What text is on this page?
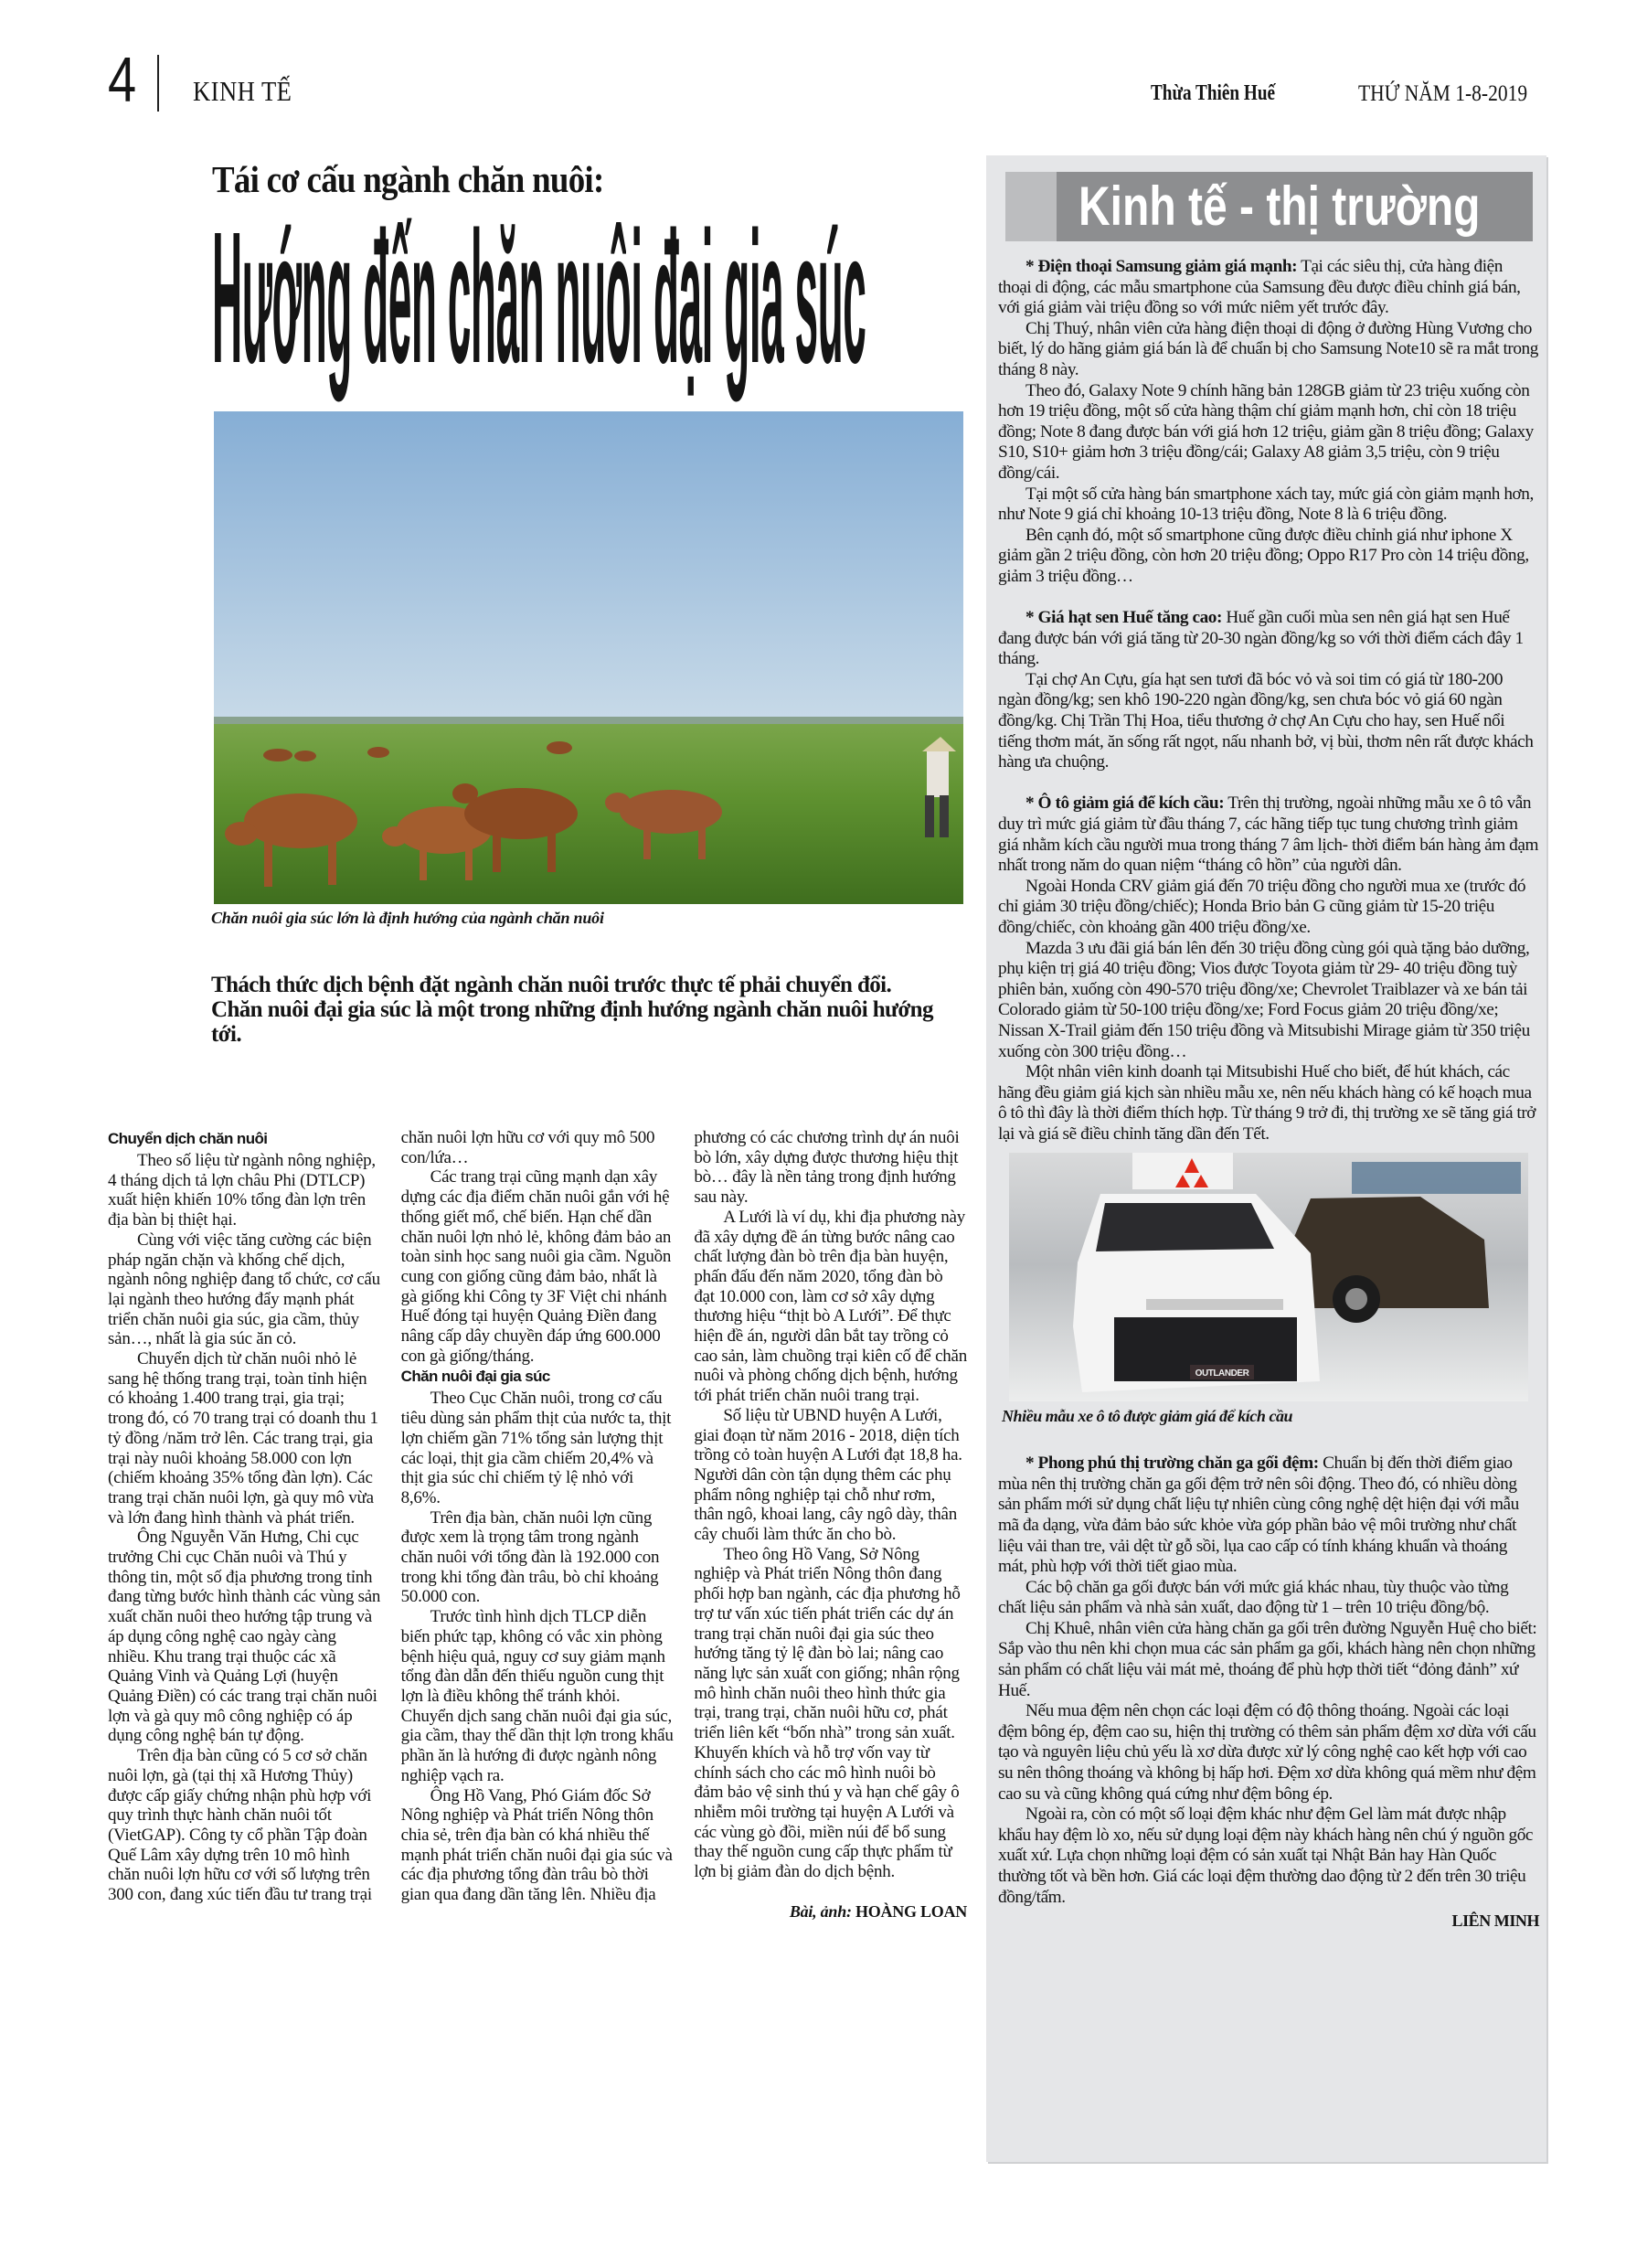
4 KINH TẾ	Thừa Thiên Huế	THỨ NĂM 1-8-2019
Tái cơ cấu ngành chăn nuôi:
Hướng đến chăn nuôi đại gia súc
Chăn nuôi gia súc lớn là định hướng của ngành chăn nuôi
Thách thức dịch bệnh đặt ngành chăn nuôi trước thực tế phải chuyển đổi. Chăn nuôi đại gia súc là một trong những định hướng ngành chăn nuôi hướng tới.
Chuyển dịch chăn nuôi

Theo số liệu từ ngành nông nghiệp, 4 tháng dịch tả lợn châu Phi (DTLCP) xuất hiện khiến 10% tổng đàn lợn trên địa bàn bị thiệt hại.

Cùng với việc tăng cường các biện pháp ngăn chặn và khống chế dịch, ngành nông nghiệp đang tổ chức, cơ cấu lại ngành theo hướng đẩy mạnh phát triển chăn nuôi gia súc, gia cầm, thủy sản…, nhất là gia súc ăn cỏ.

Chuyển dịch từ chăn nuôi nhỏ lẻ sang hệ thống trang trại, toàn tỉnh hiện có khoảng 1.400 trang trại, gia trại; trong đó, có 70 trang trại có doanh thu 1 tỷ đồng /năm trở lên. Các trang trại, gia trại này nuôi khoảng 58.000 con lợn (chiếm khoảng 35% tổng đàn lợn). Các trang trại chăn nuôi lợn, gà quy mô vừa và lớn đang hình thành và phát triển.

Ông Nguyễn Văn Hưng, Chi cục trưởng Chi cục Chăn nuôi và Thú y thông tin, một số địa phương trong tỉnh đang từng bước hình thành các vùng sản xuất chăn nuôi theo hướng tập trung và áp dụng công nghệ cao ngày càng nhiều. Khu trang trại thuộc các xã Quảng Vinh và Quảng Lợi (huyện Quảng Điền) có các trang trại chăn nuôi lợn và gà quy mô công nghiệp có áp dụng công nghệ bán tự động.

Trên địa bàn cũng có 5 cơ sở chăn nuôi lợn, gà (tại thị xã Hương Thủy) được cấp giấy chứng nhận phù hợp với quy trình thực hành chăn nuôi tốt (VietGAP). Công ty cổ phần Tập đoàn Quế Lâm xây dựng trên 10 mô hình chăn nuôi lợn hữu cơ với số lượng trên 300 con, đang xúc tiến đầu tư trang trại chăn nuôi lợn hữu cơ với quy mô 500 con/lứa…

Các trang trại cũng mạnh dạn xây dựng các địa điểm chăn nuôi gắn với hệ thống giết mổ, chế biến. Hạn chế dần chăn nuôi lợn nhỏ lẻ, không đảm bảo an toàn sinh học sang nuôi gia cầm. Nguồn cung con giống cũng đảm bảo, nhất là gà giống khi Công ty 3F Việt chi nhánh Huế đóng tại huyện Quảng Điền đang nâng cấp dây chuyền đáp ứng 600.000 con gà giống/tháng.

Chăn nuôi đại gia súc

Theo Cục Chăn nuôi, trong cơ cấu tiêu dùng sản phẩm thịt của nước ta, thịt lợn chiếm gần 71% tổng sản lượng thịt các loại, thịt gia cầm chiếm 20,4% và thịt gia súc chỉ chiếm tỷ lệ nhỏ với 8,6%.

Trên địa bàn, chăn nuôi lợn cũng được xem là trọng tâm trong ngành chăn nuôi với tổng đàn là 192.000 con trong khi tổng đàn trâu, bò chỉ khoảng 50.000 con.

Trước tình hình dịch TLCP diễn biến phức tạp, không có vắc xin phòng bệnh hiệu quả, nguy cơ suy giảm mạnh tổng đàn dẫn đến thiếu nguồn cung thịt lợn là điều không thể tránh khỏi. Chuyển dịch sang chăn nuôi đại gia súc, gia cầm, thay thế dần thịt lợn trong khẩu phần ăn là hướng đi được ngành nông nghiệp vạch ra.

Ông Hồ Vang, Phó Giám đốc Sở Nông nghiệp và Phát triển Nông thôn chia sẻ, trên địa bàn có khá nhiều thế mạnh phát triển chăn nuôi đại gia súc và các địa phương tổng đàn trâu bò thời gian qua đang dần tăng lên. Nhiều địa phương có các chương trình dự án nuôi bò lớn, xây dựng được thương hiệu thịt bò… đây là nền tảng trong định hướng sau này.

A Lưới là ví dụ, khi địa phương này đã xây dựng đề án từng bước nâng cao chất lượng đàn bò trên địa bàn huyện, phấn đấu đến năm 2020, tổng đàn bò đạt 10.000 con, làm cơ sở xây dựng thương hiệu “thịt bò A Lưới”. Để thực hiện đề án, người dân bắt tay trồng cỏ cao sản, làm chuồng trại kiên cố để chăn nuôi và phòng chống dịch bệnh, hướng tới phát triển chăn nuôi trang trại.

Số liệu từ UBND huyện A Lưới, giai đoạn từ năm 2016 - 2018, diện tích trồng cỏ toàn huyện A Lưới đạt 18,8 ha. Người dân còn tận dụng thêm các phụ phẩm nông nghiệp tại chỗ như rơm, thân ngô, khoai lang, cây ngô dày, thân cây chuối làm thức ăn cho bò.

Theo ông Hồ Vang, Sở Nông nghiệp và Phát triển Nông thôn đang phối hợp ban ngành, các địa phương hỗ trợ tư vấn xúc tiến phát triển các dự án trang trại chăn nuôi đại gia súc theo hướng tăng tỷ lệ đàn bò lai; nâng cao năng lực sản xuất con giống; nhân rộng mô hình chăn nuôi theo hình thức gia trại, trang trại, chăn nuôi hữu cơ, phát triển liên kết “bốn nhà” trong sản xuất. Khuyến khích và hỗ trợ vốn vay từ chính sách cho các mô hình nuôi bò đảm bảo vệ sinh thú y và hạn chế gây ô nhiễm môi trường tại huyện A Lưới và các vùng gò đồi, miền núi để bổ sung thay thế nguồn cung cấp thực phẩm từ lợn bị giảm đàn do dịch bệnh.

Bài, ảnh: HOÀNG LOAN
Kinh tế - thị trường

* Điện thoại Samsung giảm giá mạnh: Tại các siêu thị, cửa hàng điện thoại di động, các mẫu smartphone của Samsung đều được điều chỉnh giá bán, với giá giảm vài triệu đồng so với mức niêm yết trước đây.

Chị Thuý, nhân viên cửa hàng điện thoại di động ở đường Hùng Vương cho biết, lý do hãng giảm giá bán là để chuẩn bị cho Samsung Note10 sẽ ra mắt trong tháng 8 này.

Theo đó, Galaxy Note 9 chính hãng bản 128GB giảm từ 23 triệu xuống còn hơn 19 triệu đồng, một số cửa hàng thậm chí giảm mạnh hơn, chỉ còn 18 triệu đồng; Note 8 đang được bán với giá hơn 12 triệu, giảm gần 8 triệu đồng; Galaxy S10, S10+ giảm hơn 3 triệu đồng/cái; Galaxy A8 giảm 3,5 triệu, còn 9 triệu đồng/cái.

Tại một số cửa hàng bán smartphone xách tay, mức giá còn giảm mạnh hơn, như Note 9 giá chỉ khoảng 10-13 triệu đồng, Note 8 là 6 triệu đồng.

Bên cạnh đó, một số smartphone cũng được điều chỉnh giá như iphone X giảm gần 2 triệu đồng, còn hơn 20 triệu đồng; Oppo R17 Pro còn 14 triệu đồng, giảm 3 triệu đồng…

* Giá hạt sen Huế tăng cao: Huế gần cuối mùa sen nên giá hạt sen Huế đang được bán với giá tăng từ 20-30 ngàn đồng/kg so với thời điểm cách đây 1 tháng.

Tại chợ An Cựu, gía hạt sen tươi đã bóc vỏ và soi tim có giá từ 180-200 ngàn đồng/kg; sen khô 190-220 ngàn đồng/kg, sen chưa bóc vỏ giá 60 ngàn đồng/kg. Chị Trần Thị Hoa, tiểu thương ở chợ An Cựu cho hay, sen Huế nổi tiếng thơm mát, ăn sống rất ngọt, nấu nhanh bở, vị bùi, thơm nên rất được khách hàng ưa chuộng.

* Ô tô giảm giá để kích cầu: Trên thị trường, ngoài những mẫu xe ô tô vẫn duy trì mức giá giảm từ đầu tháng 7, các hãng tiếp tục tung chương trình giảm giá nhằm kích cầu người mua trong tháng 7 âm lịch- thời điểm bán hàng ảm đạm nhất trong năm do quan niệm “tháng cô hồn” của người dân.

Ngoài Honda CRV giảm giá đến 70 triệu đồng cho người mua xe (trước đó chỉ giảm 30 triệu đồng/chiếc); Honda Brio bản G cũng giảm từ 15-20 triệu đồng/chiếc, còn khoảng gần 400 triệu đồng/xe.

Mazda 3 ưu đãi giá bán lên đến 30 triệu đồng cùng gói quà tặng bảo dưỡng, phụ kiện trị giá 40 triệu đồng; Vios được Toyota giảm từ 29- 40 triệu đồng tuỳ phiên bản, xuống còn 490-570 triệu đồng/xe; Chevrolet Traiblazer và xe bán tải Colorado giảm từ 50-100 triệu đồng/xe; Ford Focus giảm 20 triệu đồng/xe; Nissan X-Trail giảm đến 150 triệu đồng và Mitsubishi Mirage giảm từ 350 triệu xuống còn 300 triệu đồng…

Một nhân viên kinh doanh tại Mitsubishi Huế cho biết, để hút khách, các hãng đều giảm giá kịch sàn nhiều mẫu xe, nên nếu khách hàng có kế hoạch mua ô tô thì đây là thời điểm thích hợp. Từ tháng 9 trở đi, thị trường xe sẽ tăng giá trở lại và giá sẽ điều chỉnh tăng dần đến Tết.

OUTLANDER
Nhiều mẫu xe ô tô được giảm giá để kích cầu

* Phong phú thị trường chăn ga gối đệm: Chuẩn bị đến thời điểm giao mùa nên thị trường chăn ga gối đệm trở nên sôi động. Theo đó, có nhiều dòng sản phẩm mới sử dụng chất liệu tự nhiên cùng công nghệ dệt hiện đại với mẫu mã đa dạng, vừa đảm bảo sức khỏe vừa góp phần bảo vệ môi trường như chất liệu vải than tre, vải dệt từ gỗ sồi, lụa cao cấp có tính kháng khuẩn và thoáng mát, phù hợp với thời tiết giao mùa.

Các bộ chăn ga gối được bán với mức giá khác nhau, tùy thuộc vào từng chất liệu sản phẩm và nhà sản xuất, dao động từ 1 – trên 10 triệu đồng/bộ.

Chị Khuê, nhân viên cửa hàng chăn ga gối trên đường Nguyễn Huệ cho biết: Sắp vào thu nên khi chọn mua các sản phẩm ga gối, khách hàng nên chọn những sản phẩm có chất liệu vải mát mẻ, thoáng để phù hợp thời tiết “đỏng đảnh” xứ Huế.

Nếu mua đệm nên chọn các loại đệm có độ thông thoáng. Ngoài các loại đệm bông ép, đệm cao su, hiện thị trường có thêm sản phẩm đệm xơ dừa với cấu tạo và nguyên liệu chủ yếu là xơ dừa được xử lý công nghệ cao kết hợp với cao su nên thông thoáng và không bị hấp hơi. Đệm xơ dừa không quá mềm như đệm cao su và cũng không quá cứng như đệm bông ép.

Ngoài ra, còn có một số loại đệm khác như đệm Gel làm mát được nhập khẩu hay đệm lò xo, nếu sử dụng loại đệm này khách hàng nên chú ý nguồn gốc xuất xứ. Lựa chọn những loại đệm có sản xuất tại Nhật Bản hay Hàn Quốc thường tốt và bền hơn. Giá các loại đệm thường dao động từ 2 đến trên 30 triệu đồng/tấm.

LIÊN MINH
